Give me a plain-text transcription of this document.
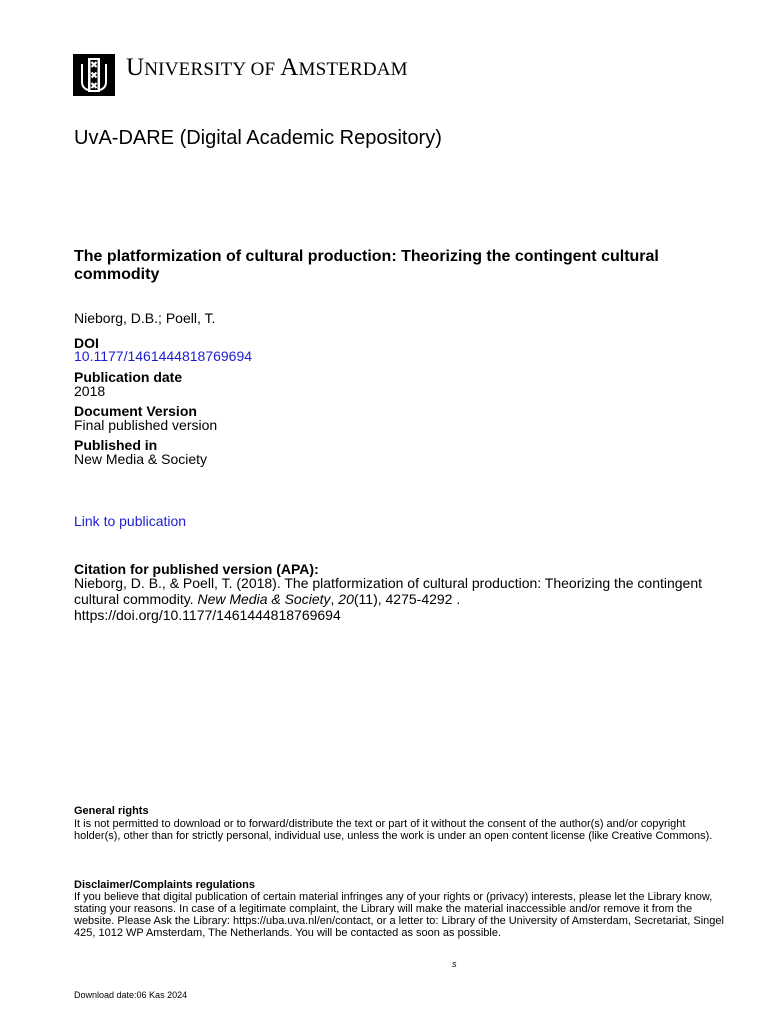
UNIVERSITY OF AMSTERDAM
UvA-DARE (Digital Academic Repository)
The platformization of cultural production: Theorizing the contingent cultural commodity
Nieborg, D.B.; Poell, T.
DOI
10.1177/1461444818769694
Publication date
2018
Document Version
Final published version
Published in
New Media & Society
Link to publication
Citation for published version (APA):
Nieborg, D. B., & Poell, T. (2018). The platformization of cultural production: Theorizing the contingent cultural commodity. New Media & Society, 20(11), 4275-4292 .
https://doi.org/10.1177/1461444818769694
General rights
It is not permitted to download or to forward/distribute the text or part of it without the consent of the author(s) and/or copyright holder(s), other than for strictly personal, individual use, unless the work is under an open content license (like Creative Commons).
Disclaimer/Complaints regulations
If you believe that digital publication of certain material infringes any of your rights or (privacy) interests, please let the Library know, stating your reasons. In case of a legitimate complaint, the Library will make the material inaccessible and/or remove it from the website. Please Ask the Library: https://uba.uva.nl/en/contact, or a letter to: Library of the University of Amsterdam, Secretariat, Singel 425, 1012 WP Amsterdam, The Netherlands. You will be contacted as soon as possible.
s
Download date:06 Kas 2024
